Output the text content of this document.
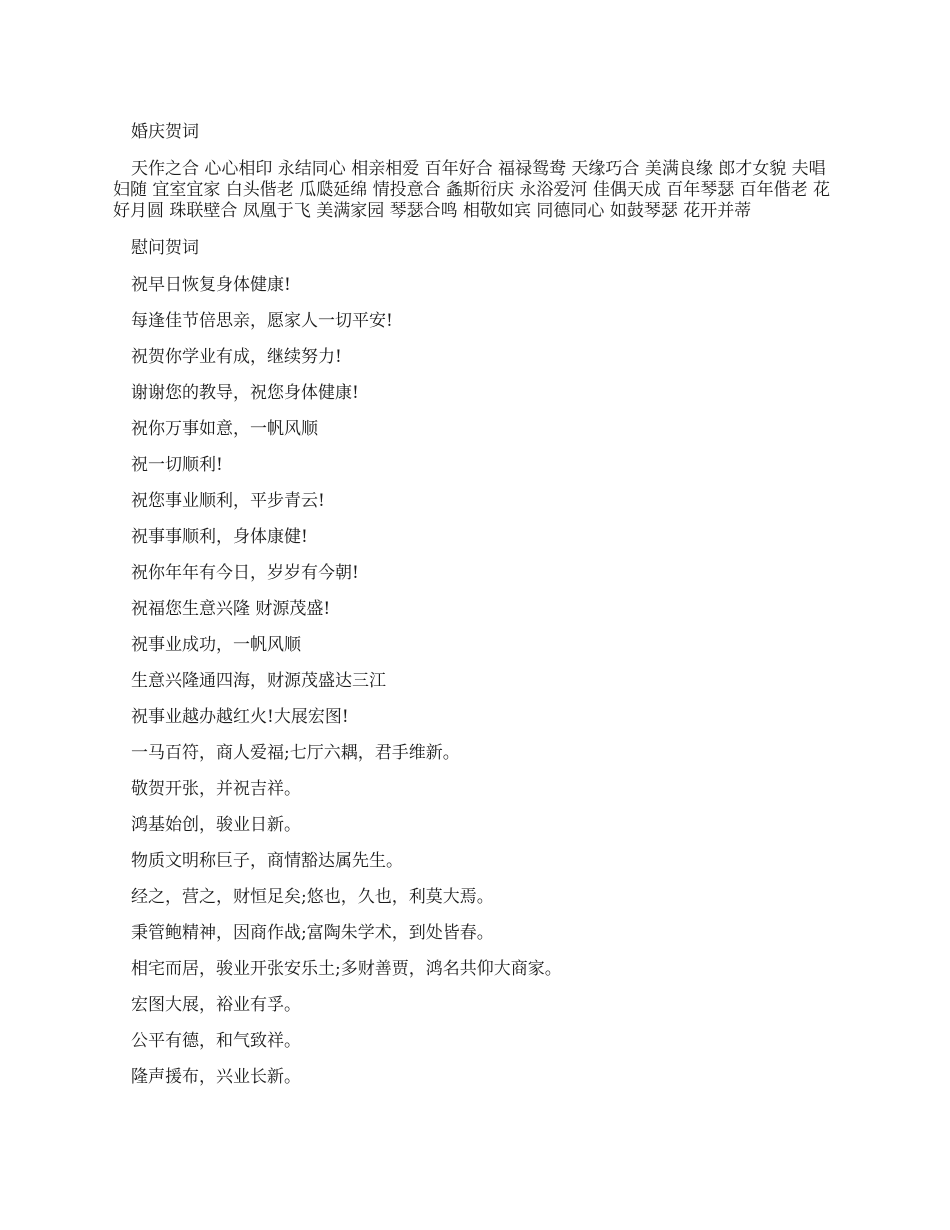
婚庆贺词

天作之合 心心相印 永结同心 相亲相爱 百年好合 福禄鸳鸯 天缘巧合 美满良缘 郎才女貌 夫唱妇随 宜室宜家 白头偕老 瓜瓞延绵 情投意合 螽斯衍庆 永浴爱河 佳偶天成 百年琴瑟 百年偕老 花好月圆 珠联壁合 凤凰于飞 美满家园 琴瑟合鸣 相敬如宾 同德同心 如鼓琴瑟 花开并蒂

慰问贺词

祝早日恢复身体健康!

每逢佳节倍思亲，愿家人一切平安!

祝贺你学业有成，继续努力!

谢谢您的教导，祝您身体健康!

祝你万事如意，一帆风顺

祝一切顺利!

祝您事业顺利，平步青云!

祝事事顺利，身体康健!

祝你年年有今日，岁岁有今朝!

祝福您生意兴隆 财源茂盛!

祝事业成功，一帆风顺

生意兴隆通四海，财源茂盛达三江

祝事业越办越红火!大展宏图!

一马百符，商人爱福;七厅六耦，君手维新。

敬贺开张，并祝吉祥。

鸿基始创，骏业日新。

物质文明称巨子，商情豁达属先生。

经之，营之，财恒足矣;悠也，久也，利莫大焉。

秉管鲍精神，因商作战;富陶朱学术，到处皆春。

相宅而居，骏业开张安乐土;多财善贾，鸿名共仰大商家。

宏图大展，裕业有孚。

公平有德，和气致祥。

隆声援布，兴业长新。
